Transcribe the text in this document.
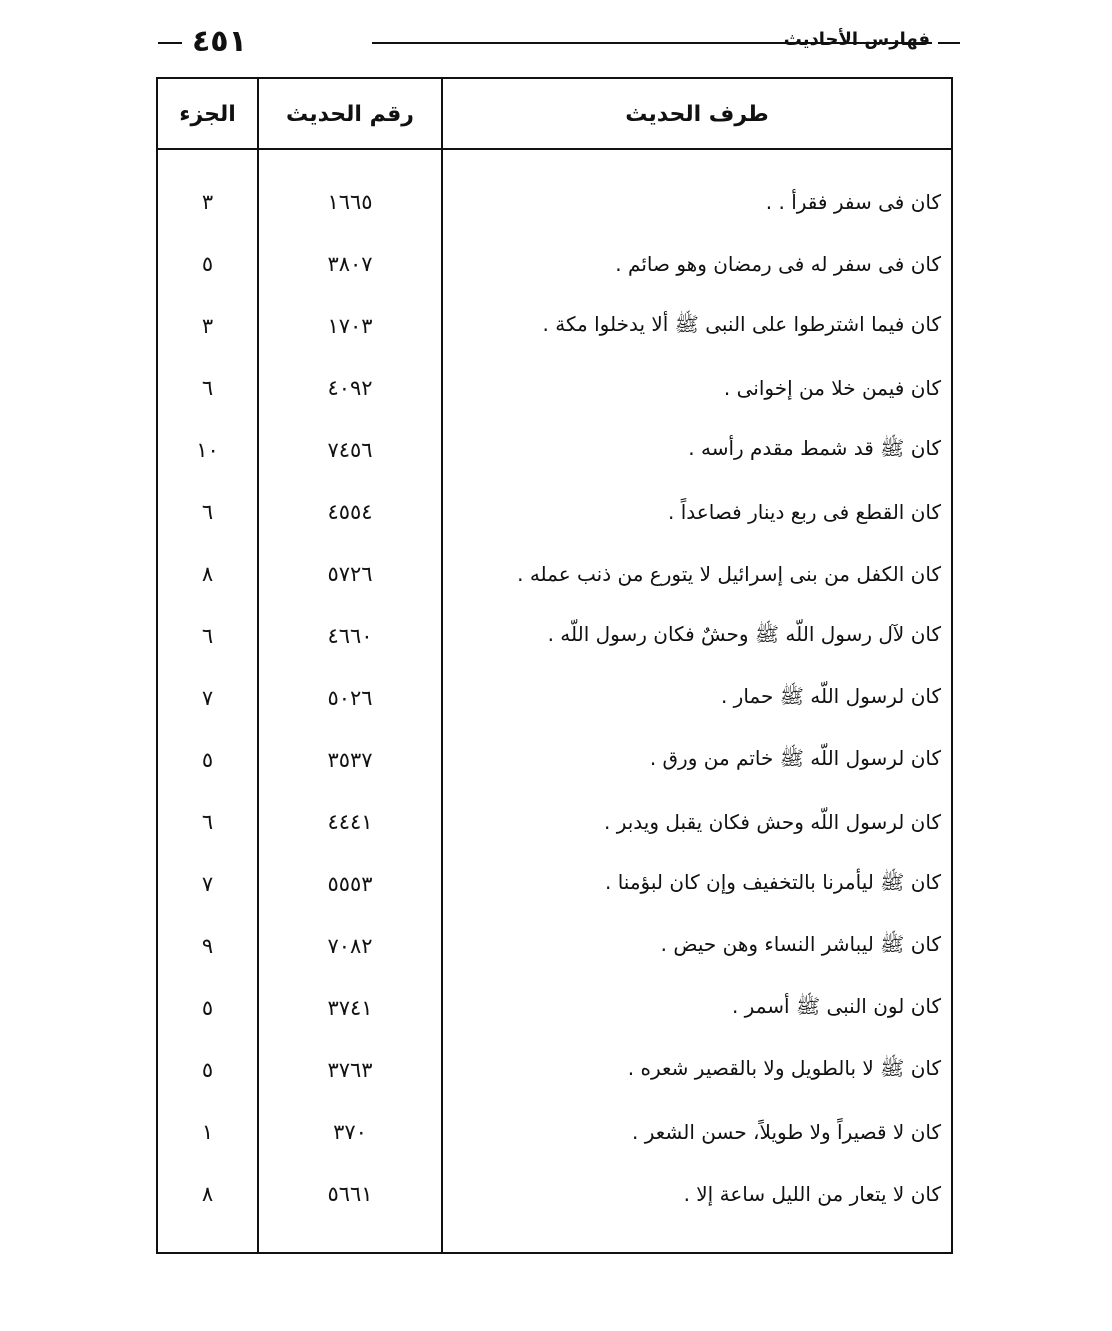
٤٥١	فهارس الأحاديث
الجزء	رقم الحديث	طرف الحديث
٣	١٦٦٥	كان فى سفر فقرأ . .
٥	٣٨٠٧	كان فى سفر له فى رمضان وهو صائم .
٣	١٧٠٣	كان فيما اشترطوا على النبى ﷺ ألا يدخلوا مكة .
٦	٤٠٩٢	كان فيمن خلا من إخوانى .
١٠	٧٤٥٦	كان ﷺ قد شمط مقدم رأسه .
٦	٤٥٥٤	كان القطع فى ربع دينار فصاعداً .
٨	٥٧٢٦	كان الكفل من بنى إسرائيل لا يتورع من ذنب عمله .
٦	٤٦٦٠	كان لآل رسول اللّه ﷺ وحشٌ فكان رسول اللّه .
٧	٥٠٢٦	كان لرسول اللّه ﷺ حمار .
٥	٣٥٣٧	كان لرسول اللّه ﷺ خاتم من ورق .
٦	٤٤٤١	كان لرسول اللّه وحش فكان يقبل ويدبر .
٧	٥٥٥٣	كان ﷺ ليأمرنا بالتخفيف وإن كان لبؤمنا .
٩	٧٠٨٢	كان ﷺ ليباشر النساء وهن حيض .
٥	٣٧٤١	كان لون النبى ﷺ أسمر .
٥	٣٧٦٣	كان ﷺ لا بالطويل ولا بالقصير شعره .
١	٣٧٠	كان لا قصيراً ولا طويلاً، حسن الشعر .
٨	٥٦٦١	كان لا يتعار من الليل ساعة إلا .
